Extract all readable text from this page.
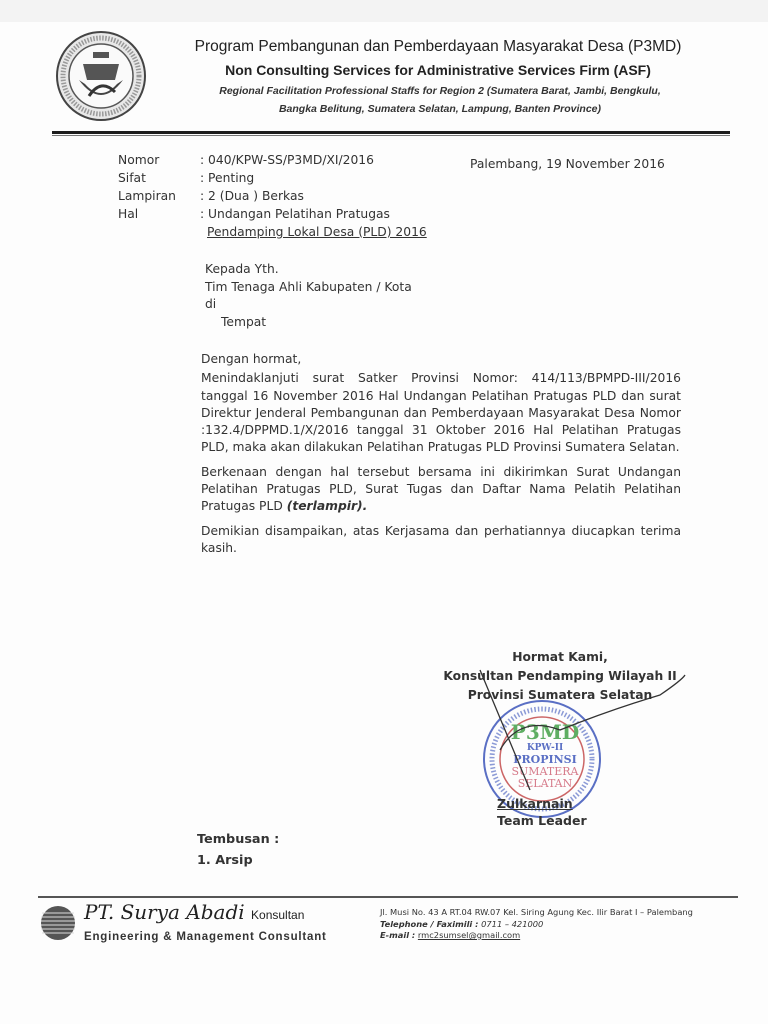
Program Pembangunan dan Pemberdayaan Masyarakat Desa (P3MD)
Non Consulting Services for Administrative Services Firm (ASF)
Regional Facilitation Professional Staffs for Region 2 (Sumatera Barat, Jambi, Bengkulu,
Bangka Belitung, Sumatera Selatan, Lampung, Banten Province)
Nomor	: 040/KPW-SS/P3MD/XI/2016
Sifat	: Penting
Lampiran	: 2 (Dua ) Berkas
Hal	: Undangan Pelatihan Pratugas
Pendamping Lokal Desa (PLD) 2016
Palembang, 19 November 2016
Kepada Yth.
Tim Tenaga Ahli Kabupaten / Kota
di
Tempat

Dengan hormat,

Menindaklanjuti surat Satker Provinsi Nomor: 414/113/BPMPD-III/2016 tanggal 16 November 2016 Hal Undangan Pelatihan Pratugas PLD dan surat Direktur Jenderal Pembangunan dan Pemberdayaan Masyarakat Desa Nomor :132.4/DPPMD.1/X/2016 tanggal 31 Oktober 2016 Hal Pelatihan Pratugas PLD, maka akan dilakukan Pelatihan Pratugas PLD Provinsi Sumatera Selatan.

Berkenaan dengan hal tersebut bersama ini dikirimkan Surat Undangan Pelatihan Pratugas PLD, Surat Tugas dan Daftar Nama Pelatih Pelatihan Pratugas PLD (terlampir).

Demikian disampaikan, atas Kerjasama dan perhatiannya diucapkan terima kasih.

Hormat Kami,
Konsultan Pendamping Wilayah II
Provinsi Sumatera Selatan
P3MD
KPW-II
PROPINSI
SUMATERA
SELATAN
Zulkarnain
Team Leader
Tembusan :
1. Arsip
PT. Surya Abadi Konsultan
Engineering & Management Consultant
Jl. Musi No. 43 A RT.04 RW.07 Kel. Siring Agung Kec. Ilir Barat I – Palembang
Telephone / Faximili : 0711 – 421000
E-mail : rmc2sumsel@gmail.com
